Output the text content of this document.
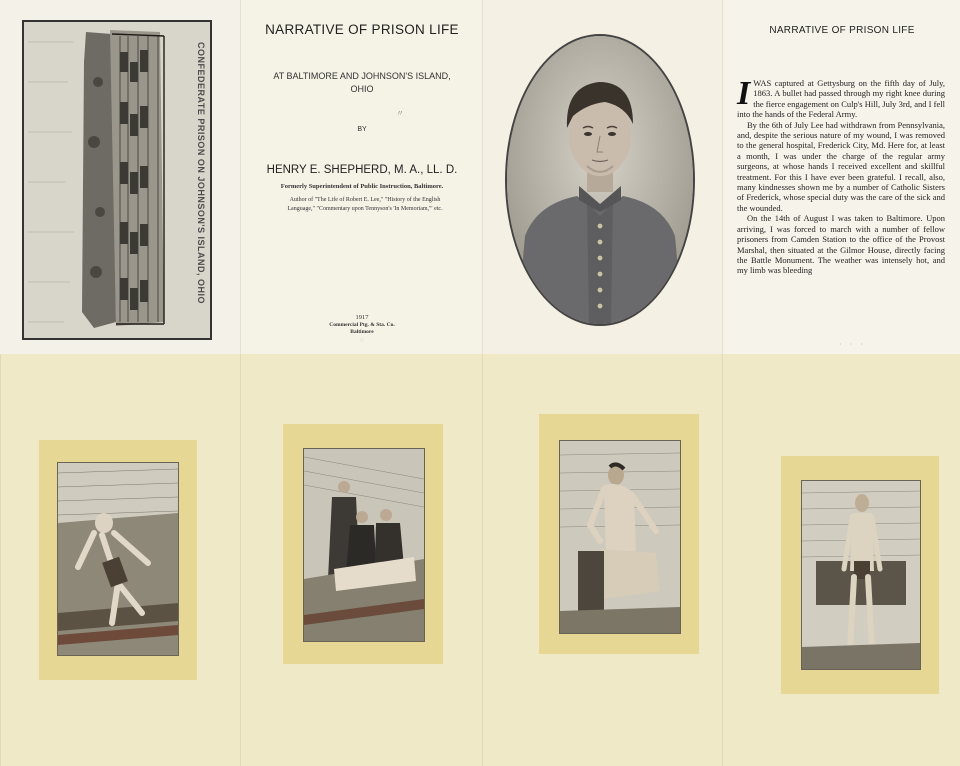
CONFEDERATE PRISON ON JOHNSON'S ISLAND, OHIO
NARRATIVE OF PRISON LIFE
AT BALTIMORE AND JOHNSON'S ISLAND, OHIO
〃
BY
HENRY E. SHEPHERD, M. A., LL. D.
Formerly Superintendent of Public Instruction, Baltimore.
Author of "The Life of Robert E. Lee," "History of the English Language," "Commentary upon Tennyson's 'In Memoriam,'" etc.
1917
Commercial Ptg. & Sta. Co.
Baltimore
◌
NARRATIVE OF PRISON LIFE

IWAS captured at Gettysburg on the fifth day of July, 1863. A bullet had passed through my right knee during the fierce engagement on Culp's Hill, July 3rd, and I fell into the hands of the Federal Army.

By the 6th of July Lee had withdrawn from Pennsylvania, and, despite the serious nature of my wound, I was removed to the general hospital, Frederick City, Md. Here for, at least a month, I was under the charge of the regular army surgeons, at whose hands I received excellent and skillful treatment. For this I have ever been grateful. I recall, also, many kindnesses shown me by a number of Catholic Sisters of Frederick, whose special duty was the care of the sick and the wounded.

On the 14th of August I was taken to Baltimore. Upon arriving, I was forced to march with a number of fellow prisoners from Camden Station to the office of the Provost Marshal, then situated at the Gilmor House, directly facing the Battle Monument. The weather was intensely hot, and my limb was bleeding

· · ·
